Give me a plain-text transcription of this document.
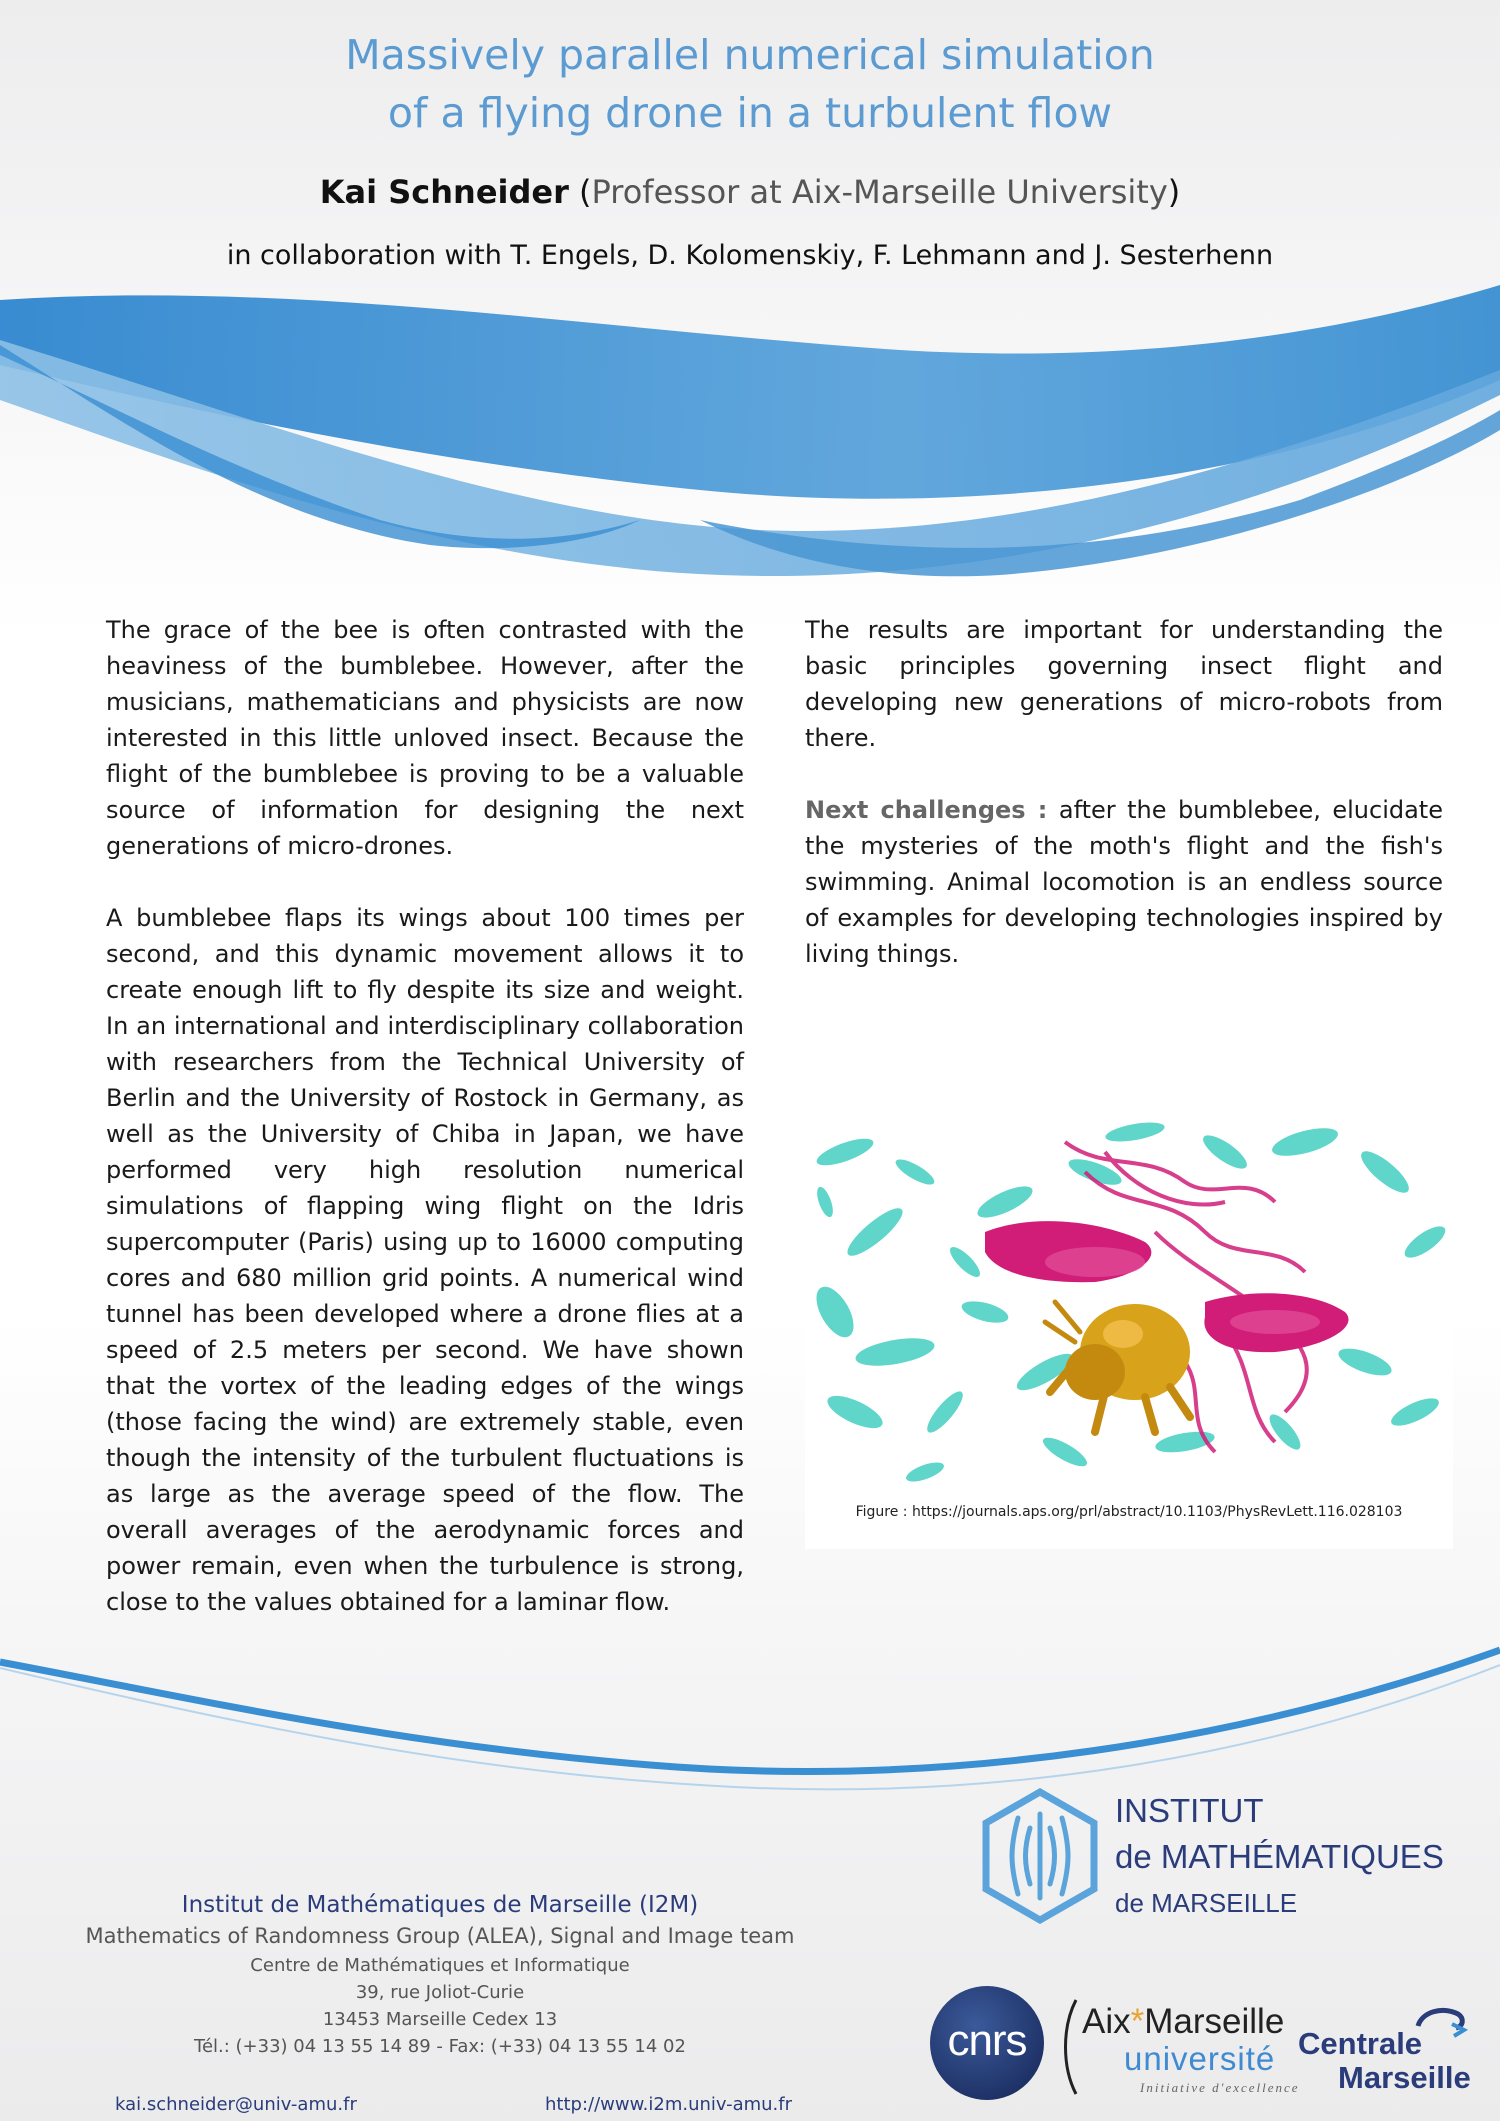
Massively parallel numerical simulation
of a flying drone in a turbulent flow
Kai Schneider (Professor at Aix-Marseille University)
in collaboration with T. Engels, D. Kolomenskiy, F. Lehmann and J. Sesterhenn

The grace of the bee is often contrasted with the heaviness of the bumblebee. However, after the musicians, mathematicians and physicists are now interested in this little unloved insect. Because the flight of the bumblebee is proving to be a valuable source of information for designing the next generations of micro-drones.

A bumblebee flaps its wings about 100 times per second, and this dynamic movement allows it to create enough lift to fly despite its size and weight. In an international and interdisciplinary collaboration with researchers from the Technical University of Berlin and the University of Rostock in Germany, as well as the University of Chiba in Japan, we have performed very high resolution numerical simulations of flapping wing flight on the Idris supercomputer (Paris) using up to 16000 computing cores and 680 million grid points. A numerical wind tunnel has been developed where a drone flies at a speed of 2.5 meters per second. We have shown that the vortex of the leading edges of the wings (those facing the wind) are extremely stable, even though the intensity of the turbulent fluctuations is as large as the average speed of the flow. The overall averages of the aerodynamic forces and power remain, even when the turbulence is strong, close to the values obtained for a laminar flow.

The results are important for understanding the basic principles governing insect flight and developing new generations of micro-robots from there.

Next challenges : after the bumblebee, elucidate the mysteries of the moth's flight and the fish's swimming. Animal locomotion is an endless source of examples for developing technologies inspired by living things.

Figure : https://journals.aps.org/prl/abstract/10.1103/PhysRevLett.116.028103
Institut de Mathématiques de Marseille (I2M)
Mathematics of Randomness Group (ALEA), Signal and Image team
Centre de Mathématiques et Informatique
39, rue Joliot-Curie
13453 Marseille Cedex 13
Tél.: (+33) 04 13 55 14 89 - Fax: (+33) 04 13 55 14 02
kai.schneider@univ-amu.fr	http://www.i2m.univ-amu.fr
INSTITUT
de MATHÉMATIQUES
de MARSEILLE
cnrs	Aix*Marseille
université
Initiative d'excellence
Centrale
Marseille
